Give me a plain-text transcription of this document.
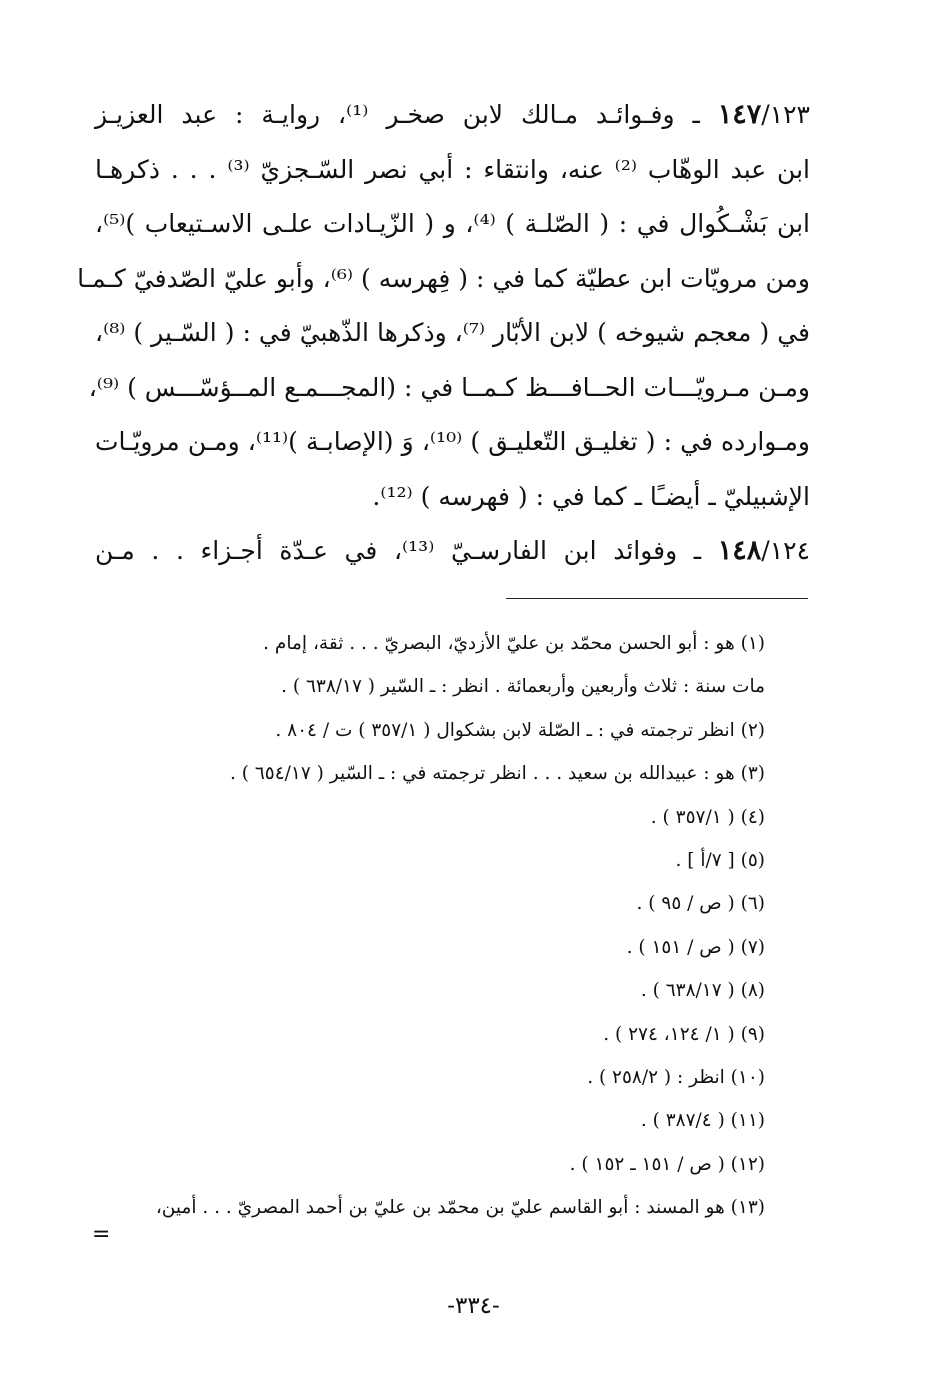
١٤٧/١٢٣ ـ وفـوائـد مـالك لابن صخـر ⁽¹⁾، روايـة : عبد العزيـز
ابن عبد الوهّاب ⁽²⁾ عنه، وانتقاء : أبي نصر السّـجزيّ ⁽³⁾ . . . ذكرهـا
ابن بَشْـكُوال في : ( الصّلـة ) ⁽⁴⁾، و ( الزّيـادات علـى الاسـتيعاب )⁽⁵⁾،
ومن مرويّات ابن عطيّة كما في : ( فِهرسه ) ⁽⁶⁾، وأبو عليّ الصّدفيّ كـمـا
في ( معجم شيوخه ) لابن الأبّار ⁽⁷⁾، وذكرها الذّهبيّ في : ( السّـير ) ⁽⁸⁾،
ومـن مـرويّـــات الحــافـــظ كـمــا في : (المجـــمـع المــؤسّـــس ) ⁽⁹⁾،
ومـوارده في : ( تغليـق التّعليـق ) ⁽¹⁰⁾، وَ (الإصابـة )⁽¹¹⁾، ومـن مرويّـات
الإشبيليّ ـ أيضـًا ـ كما في : ( فهرسه ) ⁽¹²⁾.
١٤٨/١٢٤ ـ وفوائد ابن الفارسـيّ ⁽¹³⁾، في عـدّة أجـزاء . . مـن
(١) هو : أبو الحسن محمّد بن عليّ الأزديّ، البصريّ . . . ثقة، إمام .
مات سنة : ثلاث وأربعين وأربعمائة . انظر : ـ السّير ( ٦٣٨/١٧ ) .
(٢) انظر ترجمته في : ـ الصّلة لابن بشكوال ( ٣٥٧/١ ) ت / ٨٠٤ .
(٣) هو : عبيدالله بن سعيد . . . انظر ترجمته في : ـ السّير ( ٦٥٤/١٧ ) .
(٤) ( ٣٥٧/١ ) .
(٥) [ ٧/أ ] .
(٦) ( ص / ٩٥ ) .
(٧) ( ص / ١٥١ ) .
(٨) ( ٦٣٨/١٧ ) .
(٩) ( ١/ ١٢٤، ٢٧٤ ) .
(١٠) انظر : ( ٢٥٨/٢ ) .
(١١) ( ٣٨٧/٤ ) .
(١٢) ( ص / ١٥١ ـ ١٥٢ ) .
(١٣) هو المسند : أبو القاسم عليّ بن محمّد بن عليّ بن أحمد المصريّ . . . أمين،
=
-٣٣٤-
